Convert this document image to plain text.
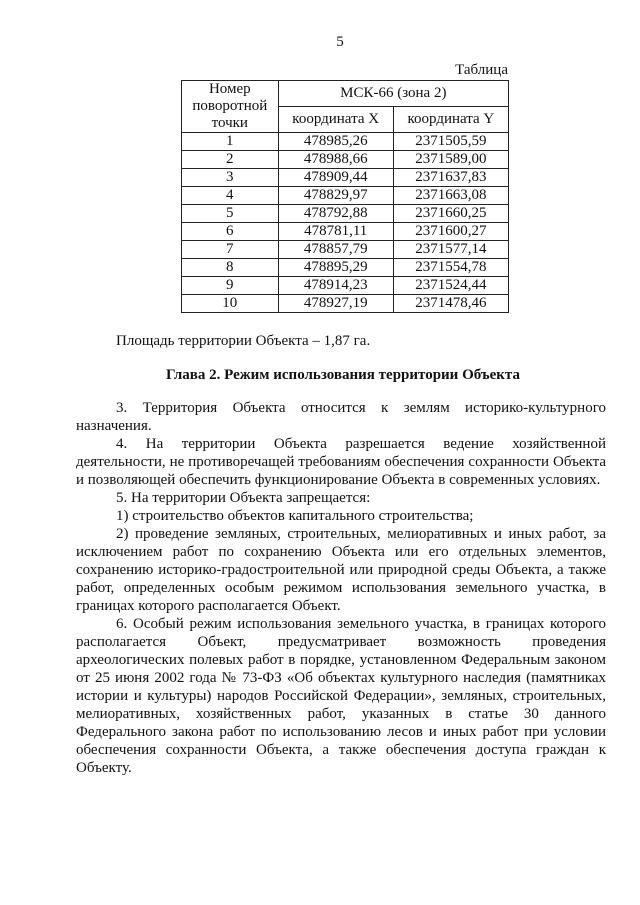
5
Таблица
Номер поворотной точки	МСК-66 (зона 2)	
	координата X	координата Y
1	478985,26	2371505,59
2	478988,66	2371589,00
3	478909,44	2371637,83
4	478829,97	2371663,08
5	478792,88	2371660,25
6	478781,11	2371600,27
7	478857,79	2371577,14
8	478895,29	2371554,78
9	478914,23	2371524,44
10	478927,19	2371478,46
Площадь территории Объекта – 1,87 га.
Глава 2. Режим использования территории Объекта

3. Территория Объекта относится к землям историко-культурного назначения.

4. На территории Объекта разрешается ведение хозяйственной деятельности, не противоречащей требованиям обеспечения сохранности Объекта и позволяющей обеспечить функционирование Объекта в современных условиях.

5. На территории Объекта запрещается:

1) строительство объектов капитального строительства;

2) проведение земляных, строительных, мелиоративных и иных работ, за исключением работ по сохранению Объекта или его отдельных элементов, сохранению историко-градостроительной или природной среды Объекта, а также работ, определенных особым режимом использования земельного участка, в границах которого располагается Объект.

6. Особый режим использования земельного участка, в границах которого располагается Объект, предусматривает возможность проведения археологических полевых работ в порядке, установленном Федеральным законом от 25 июня 2002 года № 73-ФЗ «Об объектах культурного наследия (памятниках истории и культуры) народов Российской Федерации», земляных, строительных, мелиоративных, хозяйственных работ, указанных в статье 30 данного Федерального закона работ по использованию лесов и иных работ при условии обеспечения сохранности Объекта, а также обеспечения доступа граждан к Объекту.
